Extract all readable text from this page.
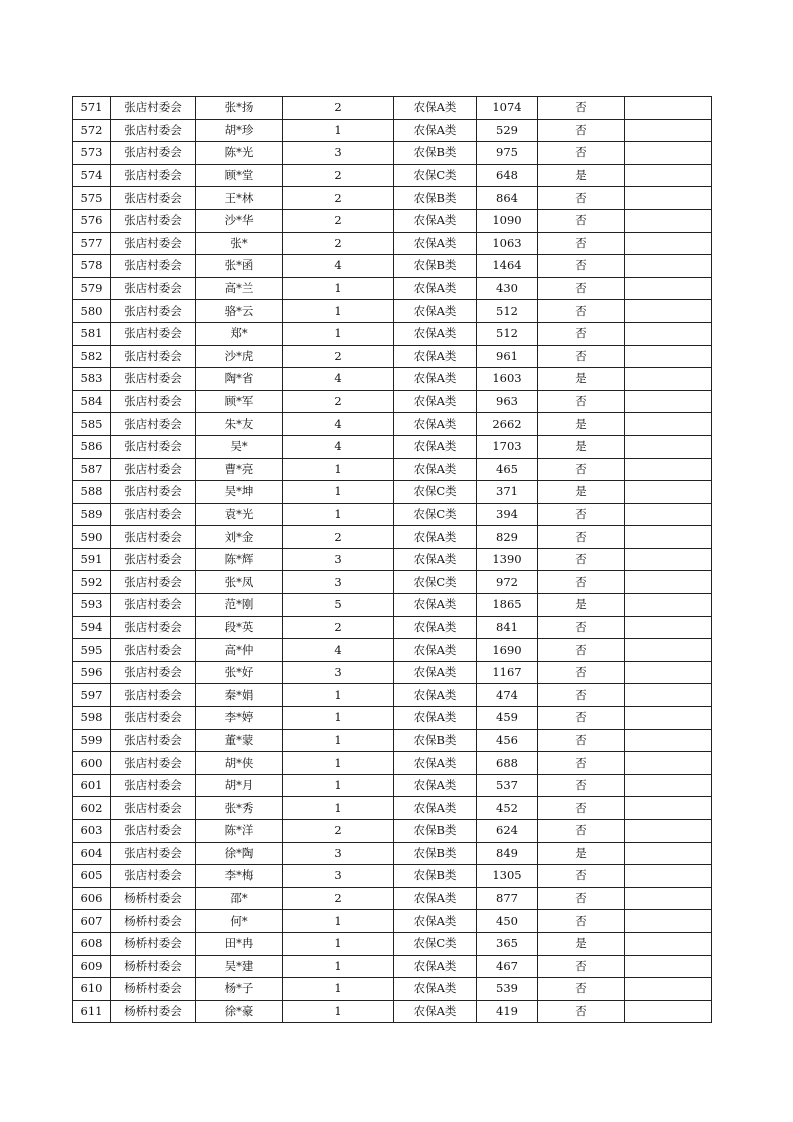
571	张店村委会	张*扬	2	农保A类	1074	否	
572	张店村委会	胡*珍	1	农保A类	529	否	
573	张店村委会	陈*光	3	农保B类	975	否	
574	张店村委会	顾*堂	2	农保C类	648	是	
575	张店村委会	王*林	2	农保B类	864	否	
576	张店村委会	沙*华	2	农保A类	1090	否	
577	张店村委会	张*	2	农保A类	1063	否	
578	张店村委会	张*函	4	农保B类	1464	否	
579	张店村委会	高*兰	1	农保A类	430	否	
580	张店村委会	骆*云	1	农保A类	512	否	
581	张店村委会	郑*	1	农保A类	512	否	
582	张店村委会	沙*虎	2	农保A类	961	否	
583	张店村委会	陶*省	4	农保A类	1603	是	
584	张店村委会	顾*军	2	农保A类	963	否	
585	张店村委会	朱*友	4	农保A类	2662	是	
586	张店村委会	吴*	4	农保A类	1703	是	
587	张店村委会	曹*亮	1	农保A类	465	否	
588	张店村委会	吴*坤	1	农保C类	371	是	
589	张店村委会	袁*光	1	农保C类	394	否	
590	张店村委会	刘*金	2	农保A类	829	否	
591	张店村委会	陈*辉	3	农保A类	1390	否	
592	张店村委会	张*凤	3	农保C类	972	否	
593	张店村委会	范*刚	5	农保A类	1865	是	
594	张店村委会	段*英	2	农保A类	841	否	
595	张店村委会	高*仲	4	农保A类	1690	否	
596	张店村委会	张*好	3	农保A类	1167	否	
597	张店村委会	秦*娟	1	农保A类	474	否	
598	张店村委会	李*婷	1	农保A类	459	否	
599	张店村委会	董*蒙	1	农保B类	456	否	
600	张店村委会	胡*侠	1	农保A类	688	否	
601	张店村委会	胡*月	1	农保A类	537	否	
602	张店村委会	张*秀	1	农保A类	452	否	
603	张店村委会	陈*洋	2	农保B类	624	否	
604	张店村委会	徐*陶	3	农保B类	849	是	
605	张店村委会	李*梅	3	农保B类	1305	否	
606	杨桥村委会	邵*	2	农保A类	877	否	
607	杨桥村委会	何*	1	农保A类	450	否	
608	杨桥村委会	田*冉	1	农保C类	365	是	
609	杨桥村委会	吴*建	1	农保A类	467	否	
610	杨桥村委会	杨*子	1	农保A类	539	否	
611	杨桥村委会	徐*豪	1	农保A类	419	否	
